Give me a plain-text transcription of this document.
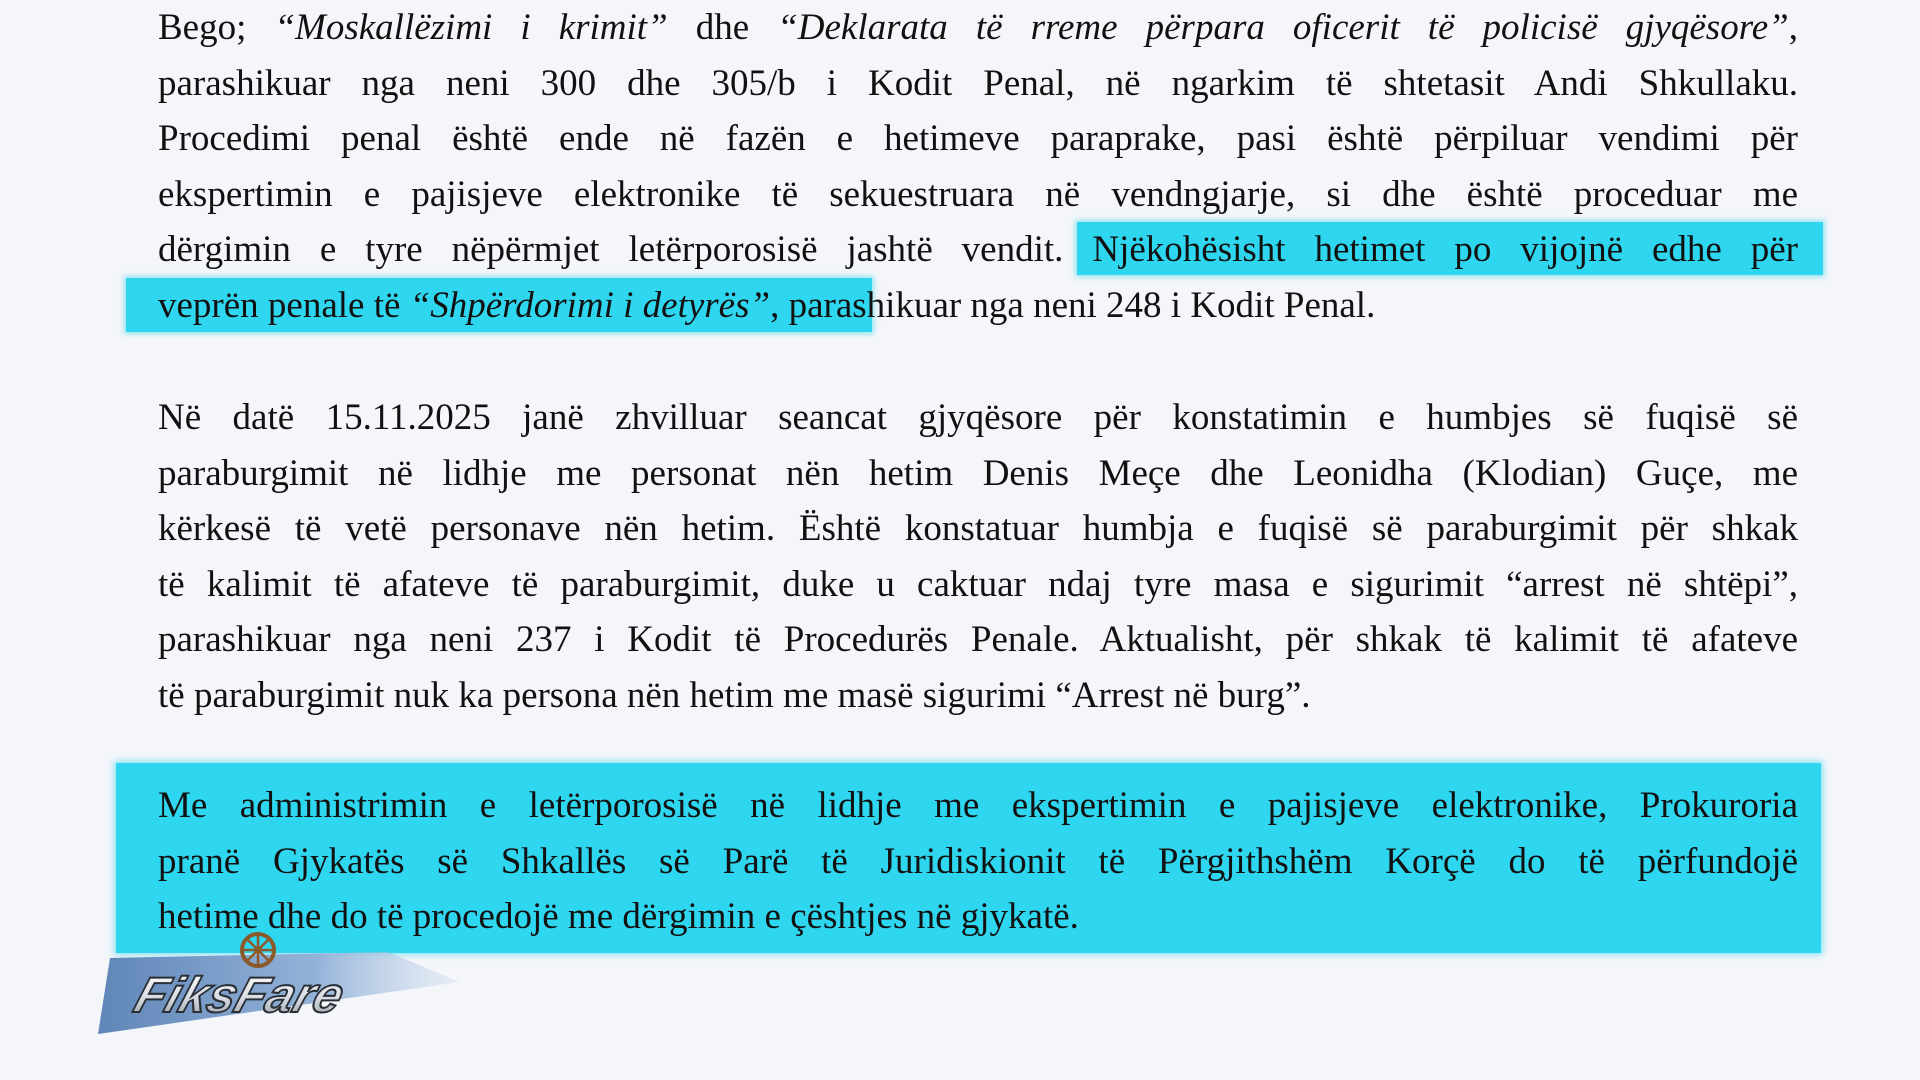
Bego; “Moskallëzimi i krimit” dhe “Deklarata të rreme përpara oficerit të policisë gjyqësore”,
parashikuar nga neni 300 dhe 305/b i Kodit Penal, në ngarkim të shtetasit Andi Shkullaku.
Procedimi penal është ende në fazën e hetimeve paraprake, pasi është përpiluar vendimi për
ekspertimin e pajisjeve elektronike të sekuestruara në vendngjarje, si dhe është proceduar me
dërgimin e tyre nëpërmjet letërporosisë jashtë vendit. Njëkohësisht hetimet po vijojnë edhe për
veprën penale të “Shpërdorimi i detyrës”, parashikuar nga neni 248 i Kodit Penal.
Në datë 15.11.2025 janë zhvilluar seancat gjyqësore për konstatimin e humbjes së fuqisë së
paraburgimit në lidhje me personat nën hetim Denis Meçe dhe Leonidha (Klodian) Guçe, me
kërkesë të vetë personave nën hetim. Është konstatuar humbja e fuqisë së paraburgimit për shkak
të kalimit të afateve të paraburgimit, duke u caktuar ndaj tyre masa e sigurimit “arrest në shtëpi”,
parashikuar nga neni 237 i Kodit të Procedurës Penale. Aktualisht, për shkak të kalimit të afateve
të paraburgimit nuk ka persona nën hetim me masë sigurimi “Arrest në burg”.
Me administrimin e letërporosisë në lidhje me ekspertimin e pajisjeve elektronike, Prokuroria
pranë Gjykatës së Shkallës së Parë të Juridiskionit të Përgjithshëm Korçë do të përfundojë
hetime dhe do të procedojë me dërgimin e çështjes në gjykatë.
FiksFare
